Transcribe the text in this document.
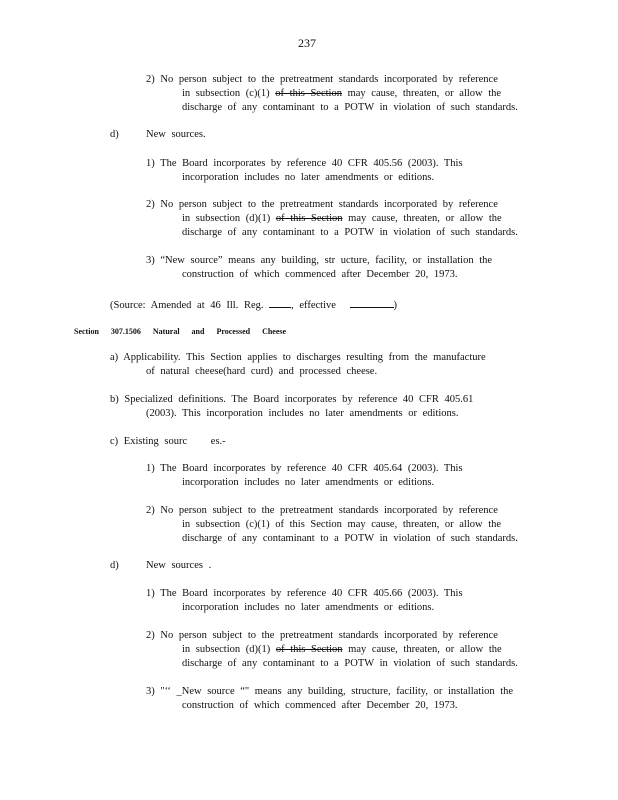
237
2) No person subject to the pretreatment standards incorporated by reference
in subsection (c)(1) of this Section may cause, threaten, or allow the
discharge of any contaminant to a POTW in violation of such standards.
d)	New sources.
1) The Board incorporates by reference 40 CFR 405.56 (2003). This
incorporation includes no later amendments or editions.
2) No person subject to the pretreatment standards incorporated by reference
in subsection (d)(1) of this Section may cause, threaten, or allow the
discharge of any contaminant to a POTW in violation of such standards.
3) “New source” means any building, str ucture, facility, or installation the
construction of which commenced after December 20, 1973.
(Source: Amended at 46 Ill. Reg.	, effective	)
Section 307.1506 Natural and Processed Cheese
a) Applicability. This Section applies to discharges resulting from the manufacture
of natural cheese(hard curd) and processed cheese.
b) Specialized definitions. The Board incorporates by reference 40 CFR 405.61
(2003). This incorporation includes no later amendments or editions.
c) Existing sourc es.-
1) The Board incorporates by reference 40 CFR 405.64 (2003). This
incorporation includes no later amendments or editions.
2) No person subject to the pretreatment standards incorporated by reference
in subsection (c)(1) of this Section may cause, threaten, or allow the
discharge of any contaminant to a POTW in violation of such standards.
d)	New sources .
1) The Board incorporates by reference 40 CFR 405.66 (2003). This
incorporation includes no later amendments or editions.
2) No person subject to the pretreatment standards incorporated by reference
in subsection (d)(1) of this Section may cause, threaten, or allow the
discharge of any contaminant to a POTW in violation of such standards.
3) "‘‘ _New source “" means any building, structure, facility, or installation the
construction of which commenced after December 20, 1973.
